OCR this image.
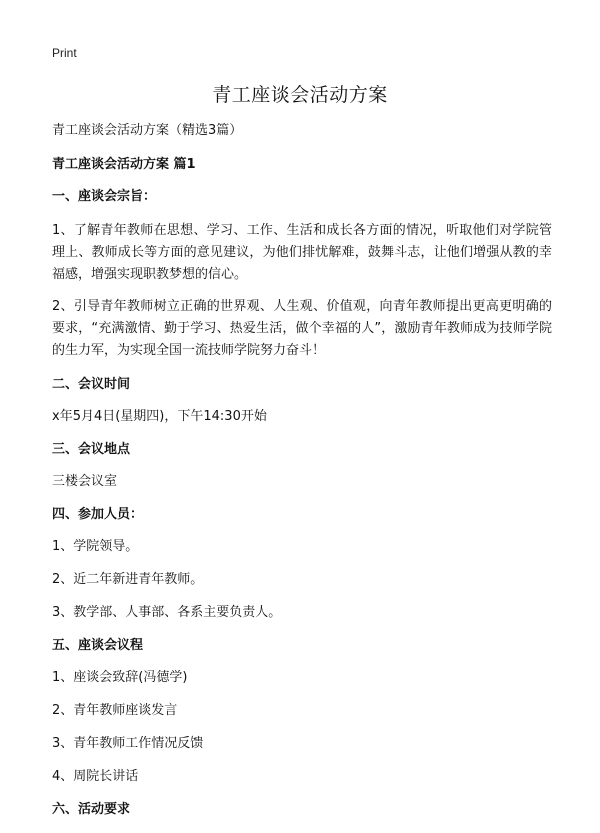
Print
青工座谈会活动方案
青工座谈会活动方案（精选3篇）
青工座谈会活动方案 篇1
一、座谈会宗旨：
1、了解青年教师在思想、学习、工作、生活和成长各方面的情况，听取他们对学院管理上、教师成长等方面的意见建议，为他们排忧解难，鼓舞斗志，让他们增强从教的幸福感，增强实现职教梦想的信心。
2、引导青年教师树立正确的世界观、人生观、价值观，向青年教师提出更高更明确的要求，“充满激情、勤于学习、热爱生活，做个幸福的人”，激励青年教师成为技师学院的生力军，为实现全国一流技师学院努力奋斗！
二、会议时间
x年5月4日(星期四)，下午14:30开始
三、会议地点
三楼会议室
四、参加人员：
1、学院领导。
2、近二年新进青年教师。
3、教学部、人事部、各系主要负责人。
五、座谈会议程
1、座谈会致辞(冯德学)
2、青年教师座谈发言
3、青年教师工作情况反馈
4、周院长讲话
六、活动要求
